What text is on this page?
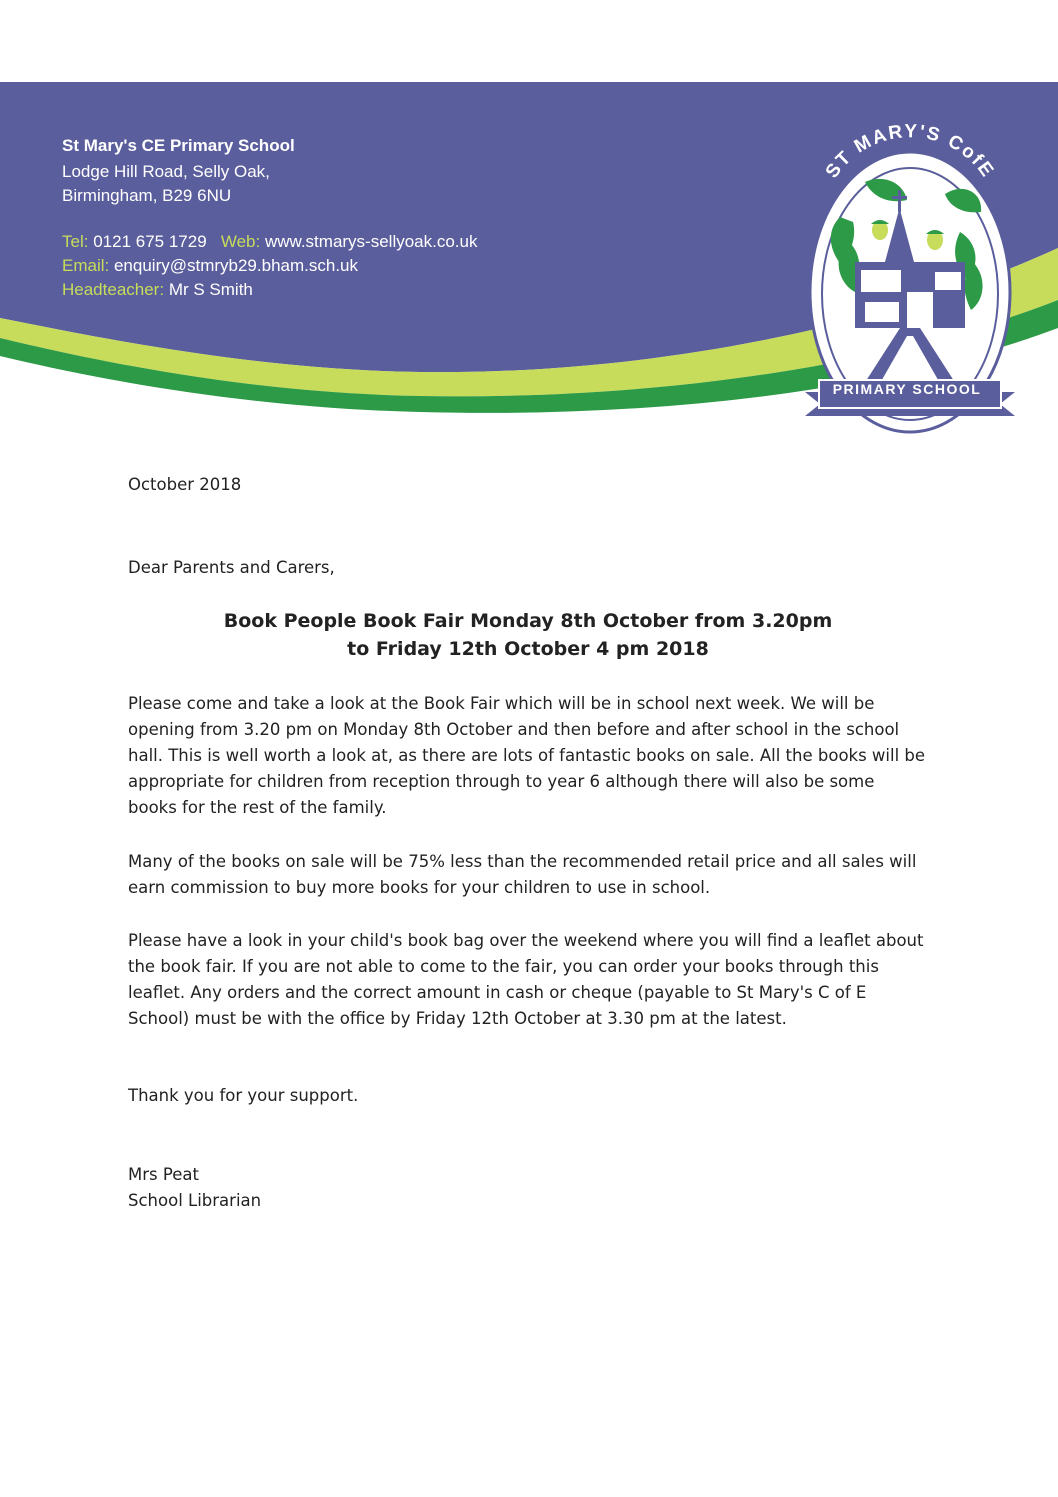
St Mary's CE Primary School
Lodge Hill Road, Selly Oak,
Birmingham, B29 6NU
Tel: 0121 675 1729 Web: www.stmarys-sellyoak.co.uk
Email: enquiry@stmryb29.bham.sch.uk
Headteacher: Mr S Smith
ST MARY'S CofE
PRIMARY SCHOOL
October 2018
Dear Parents and Carers,
Book People Book Fair Monday 8th October from 3.20pm
to Friday 12th October 4 pm 2018

Please come and take a look at the Book Fair which will be in school next week. We will be opening from 3.20 pm on Monday 8th October and then before and after school in the school hall. This is well worth a look at, as there are lots of fantastic books on sale. All the books will be appropriate for children from reception through to year 6 although there will also be some books for the rest of the family.

Many of the books on sale will be 75% less than the recommended retail price and all sales will earn commission to buy more books for your children to use in school.

Please have a look in your child's book bag over the weekend where you will find a leaflet about the book fair. If you are not able to come to the fair, you can order your books through this leaflet. Any orders and the correct amount in cash or cheque (payable to St Mary's C of E School) must be with the office by Friday 12th October at 3.30 pm at the latest.

Thank you for your support.
Mrs Peat
School Librarian
